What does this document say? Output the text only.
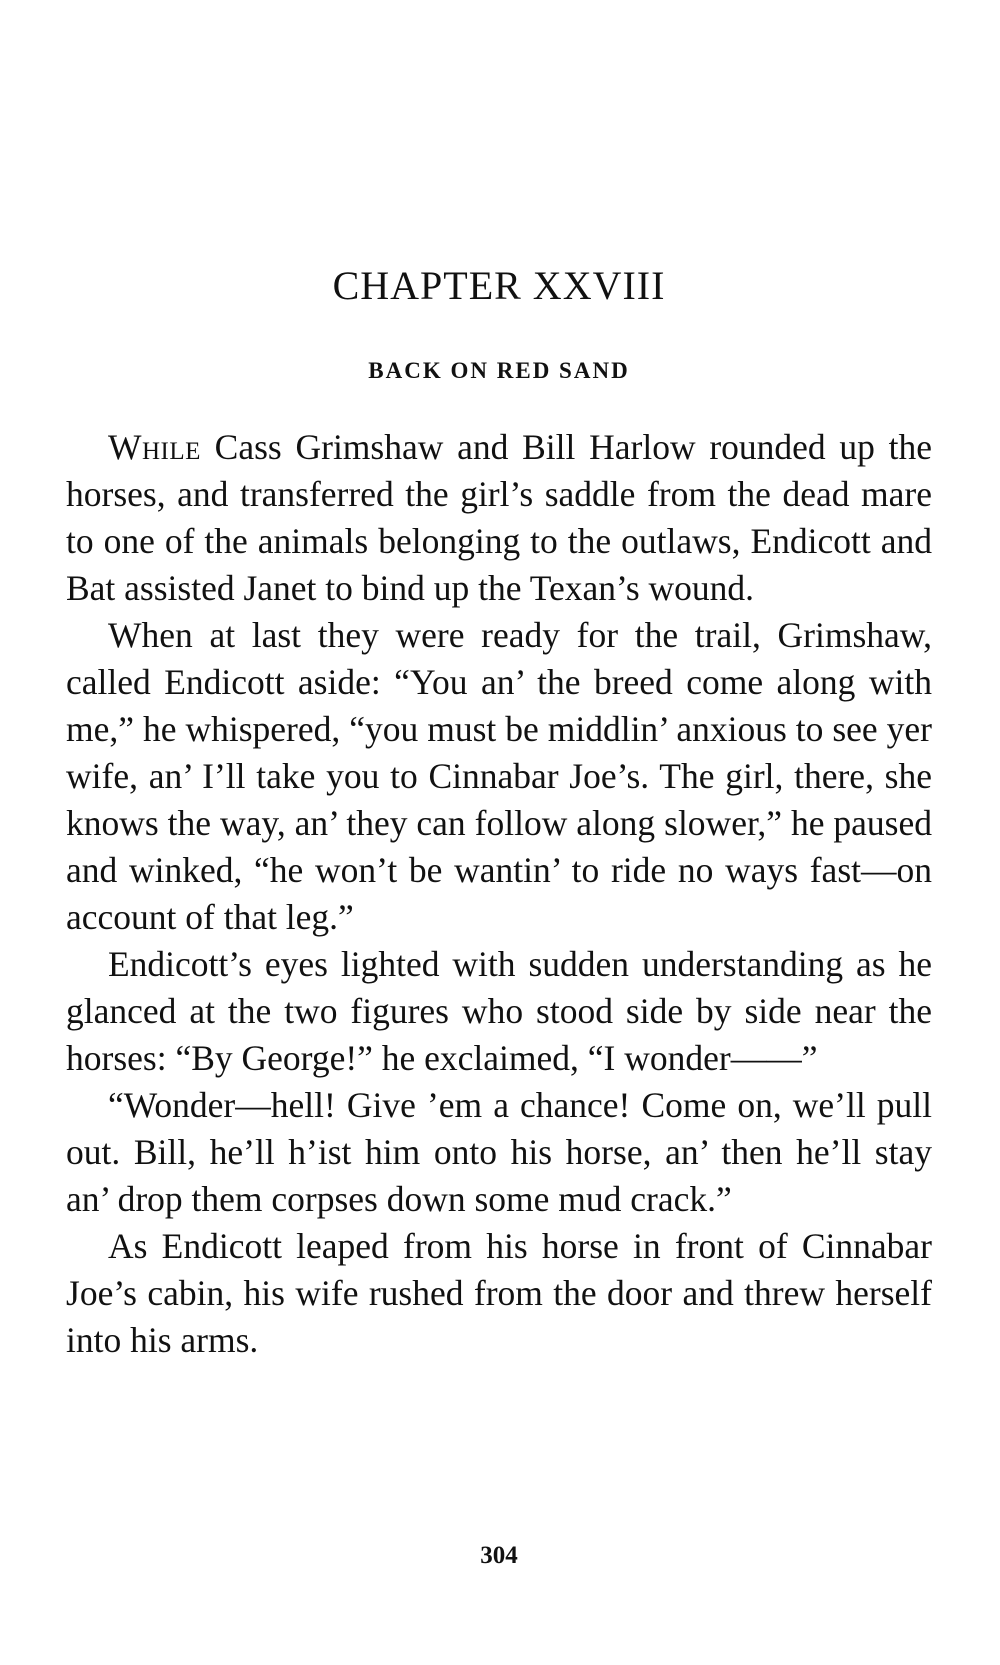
CHAPTER XXVIII
BACK ON RED SAND

While Cass Grimshaw and Bill Harlow rounded up the horses, and transferred the girl’s saddle from the dead mare to one of the animals belonging to the outlaws, Endicott and Bat assisted Janet to bind up the Texan’s wound.

When at last they were ready for the trail, Grimshaw, called Endicott aside: “You an’ the breed come along with me,” he whispered, “you must be middlin’ anxious to see yer wife, an’ I’ll take you to Cinnabar Joe’s. The girl, there, she knows the way, an’ they can follow along slower,” he paused and winked, “he won’t be wantin’ to ride no ways fast—on account of that leg.”

Endicott’s eyes lighted with sudden understanding as he glanced at the two figures who stood side by side near the horses: “By George!” he exclaimed, “I wonder——”

“Wonder—hell! Give ’em a chance! Come on, we’ll pull out. Bill, he’ll h’ist him onto his horse, an’ then he’ll stay an’ drop them corpses down some mud crack.”

As Endicott leaped from his horse in front of Cinnabar Joe’s cabin, his wife rushed from the door and threw herself into his arms.

304
